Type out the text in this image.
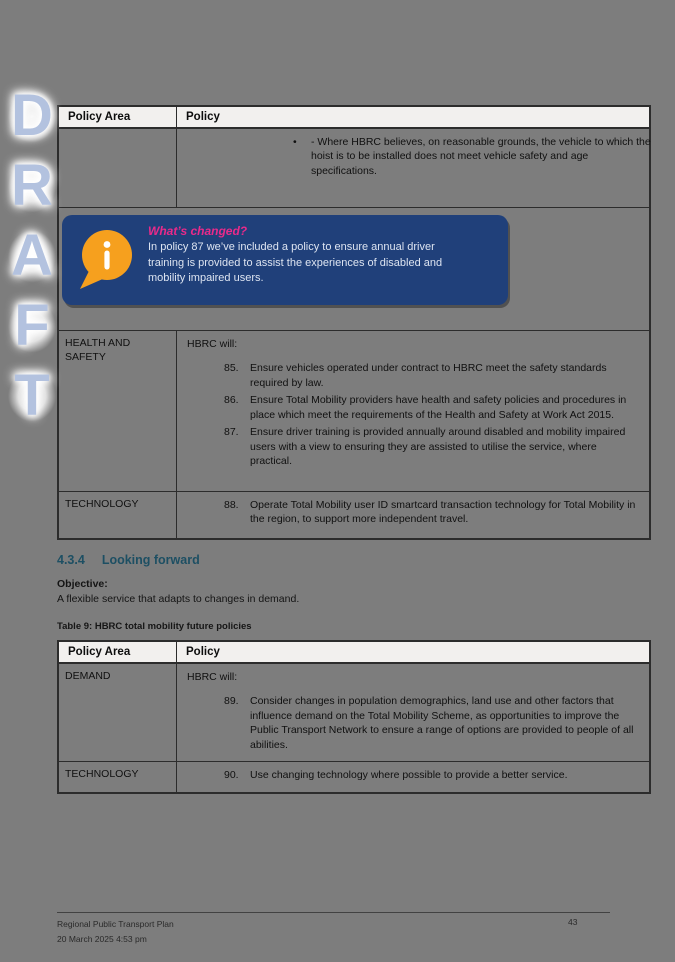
D
R
A
F
T
Policy Area	Policy
•	- Where HBRC believes, on reasonable grounds, the vehicle to which the hoist is to be installed does not meet vehicle safety and age specifications.
What’s changed?
In policy 87 we’ve included a policy to ensure annual driver training is provided to assist the experiences of disabled and mobility impaired users.
HEALTH AND SAFETY
HBRC will:
85.	Ensure vehicles operated under contract to HBRC meet the safety standards required by law.
86.	Ensure Total Mobility providers have health and safety policies and procedures in place which meet the requirements of the Health and Safety at Work Act 2015.
87.	Ensure driver training is provided annually around disabled and mobility impaired users with a view to ensuring they are assisted to utilise the service, where practical.
TECHNOLOGY	88.	Operate Total Mobility user ID smartcard transaction technology for Total Mobility in the region, to support more independent travel.
4.3.4 Looking forward
Objective:
A flexible service that adapts to changes in demand.
Table 9: HBRC total mobility future policies
Policy Area	Policy
DEMAND	HBRC will:
89.	Consider changes in population demographics, land use and other factors that influence demand on the Total Mobility Scheme, as opportunities to improve the Public Transport Network to ensure a range of options are provided to people of all abilities.
TECHNOLOGY	90.	Use changing technology where possible to provide a better service.
Regional Public Transport Plan
20 March 2025 4:53 pm
43
